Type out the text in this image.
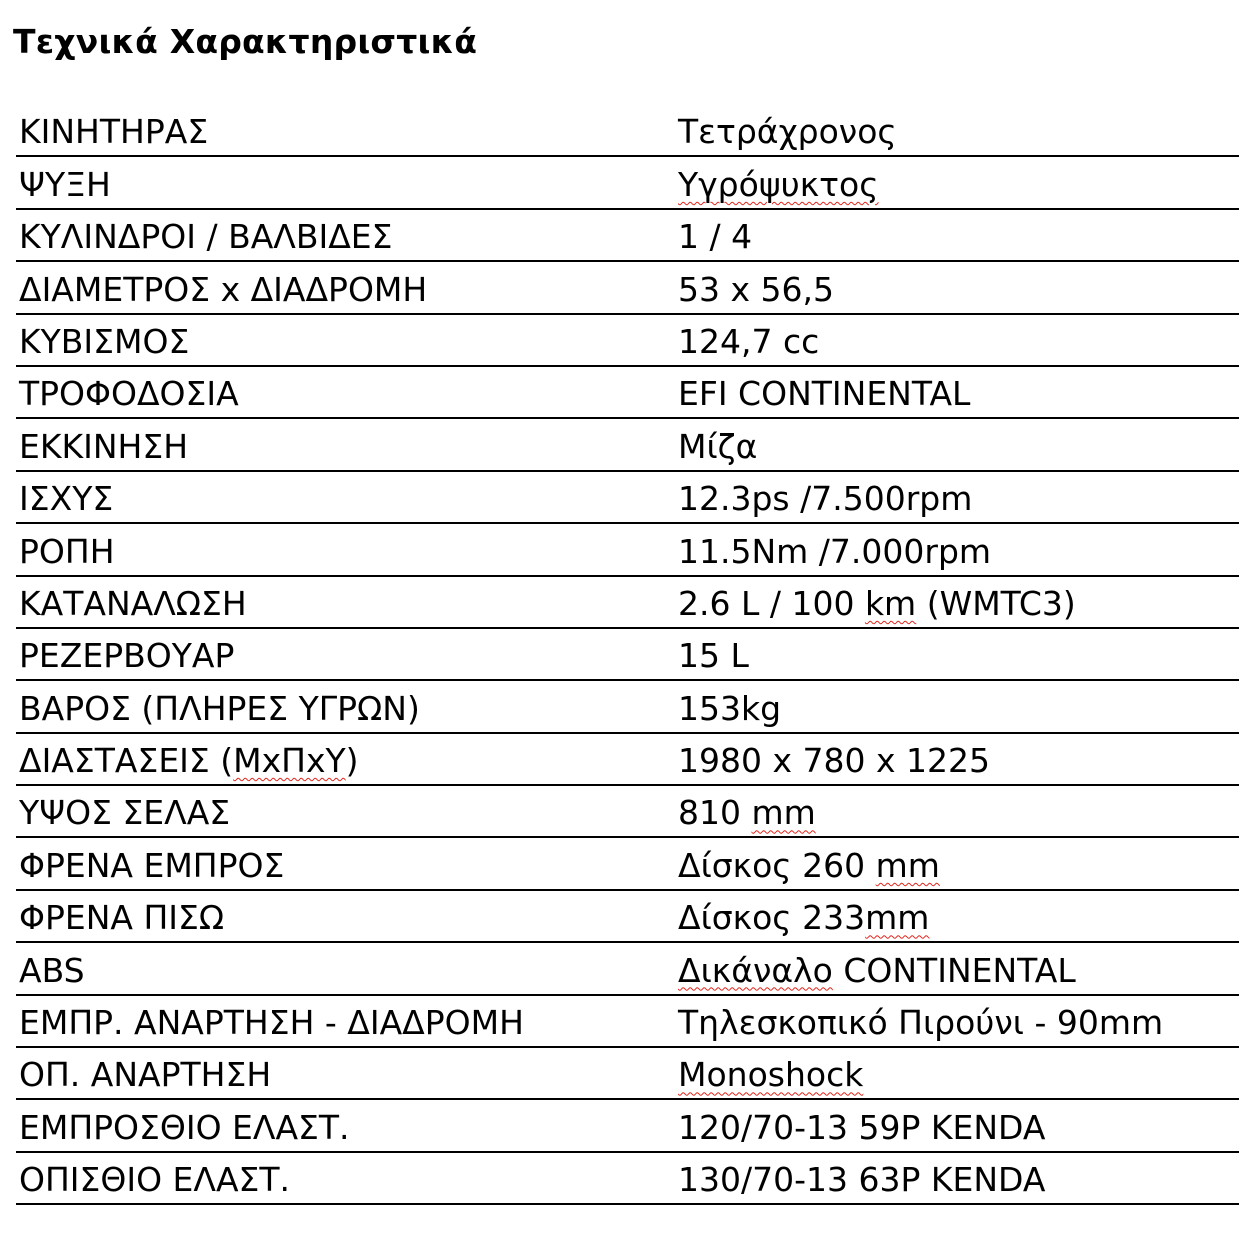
Τεχνικά Χαρακτηριστικά
ΚΙΝΗΤΗΡΑΣ	Τετράχρονος
ΨΥΞΗ	Υγρόψυκτος
ΚΥΛΙΝΔΡΟΙ / ΒΑΛΒΙΔΕΣ	1 / 4
ΔΙΑΜΕΤΡΟΣ x ΔΙΑΔΡΟΜΗ	53 x 56,5
ΚΥΒΙΣΜΟΣ	124,7 cc
ΤΡΟΦΟΔΟΣΙΑ	EFI CONTINENTAL
ΕΚΚΙΝΗΣΗ	Μίζα
ΙΣΧΥΣ	12.3ps /7.500rpm
ΡΟΠΗ	11.5Nm /7.000rpm
ΚΑΤΑΝΑΛΩΣΗ	2.6 L / 100 km (WMTC3)
ΡΕΖΕΡΒΟΥΑΡ	15 L
ΒΑΡΟΣ (ΠΛΗΡΕΣ ΥΓΡΩΝ)	153kg
ΔΙΑΣΤΑΣΕΙΣ (ΜxΠxΥ)	1980 x 780 x 1225
ΥΨΟΣ ΣΕΛΑΣ	810 mm
ΦΡΕΝΑ ΕΜΠΡΟΣ	Δίσκος 260 mm
ΦΡΕΝΑ ΠΙΣΩ	Δίσκος 233mm
ABS	Δικάναλο CONTINENTAL
ΕΜΠΡ. ΑΝΑΡΤΗΣΗ - ΔΙΑΔΡΟΜΗ	Τηλεσκοπικό Πιρούνι - 90mm
ΟΠ. ΑΝΑΡΤΗΣΗ	Monoshock
ΕΜΠΡΟΣΘΙΟ ΕΛΑΣΤ.	120/70-13 59P KENDA
ΟΠΙΣΘΙΟ ΕΛΑΣΤ.	130/70-13 63P KENDA
